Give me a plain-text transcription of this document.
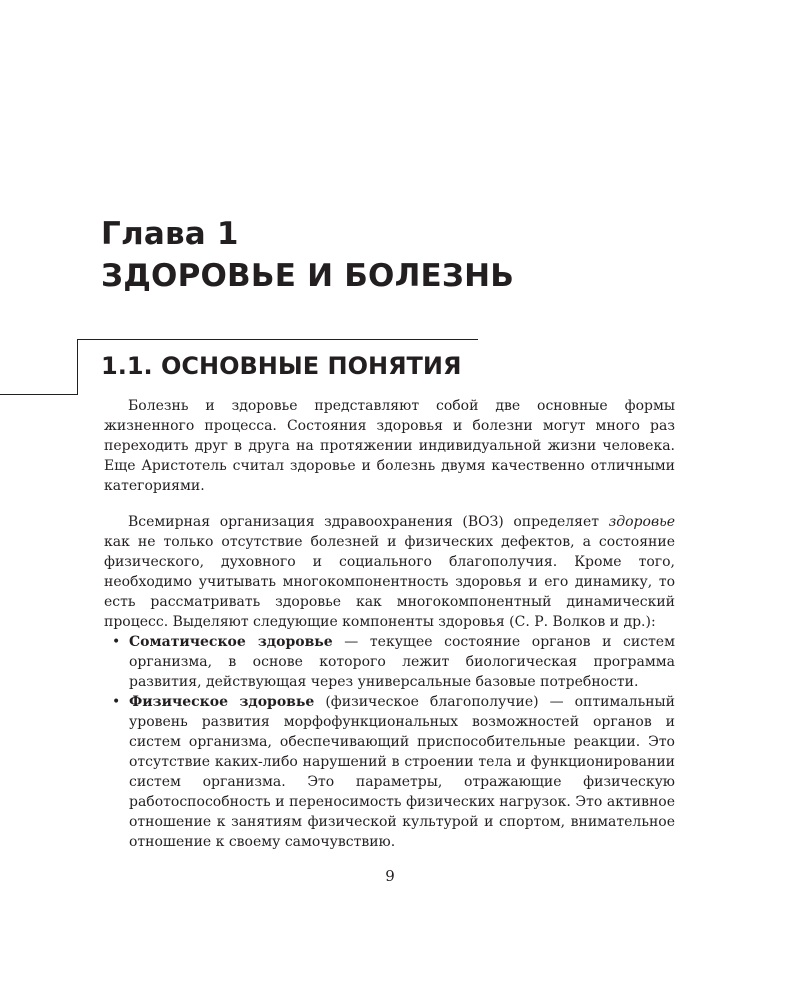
Глава 1
ЗДОРОВЬЕ И БОЛЕЗНЬ
1.1. ОСНОВНЫЕ ПОНЯТИЯ

Болезнь и здоровье представляют собой две основные формы жизненного процесса. Состояния здоровья и болезни могут много раз переходить друг в друга на протяжении индивидуальной жизни человека. Еще Аристотель считал здоровье и болезнь двумя качественно отличными категориями.

Всемирная организация здравоохранения (ВОЗ) определяет здоровье как не только отсутствие болезней и физических дефектов, а состояние физического, духовного и социального благополучия. Кроме того, необходимо учитывать многокомпонентность здоровья и его динамику, то есть рассматривать здоровье как многокомпонентный динамический процесс. Выделяют следующие компоненты здоровья (С. Р. Волков и др.):

• Соматическое здоровье — текущее состояние органов и систем организма, в основе которого лежит биологическая программа развития, действующая через универсальные базовые потребности.
• Физическое здоровье (физическое благополучие) — оптимальный уровень развития морфофункциональных возможностей органов и систем организма, обеспечивающий приспособительные реакции. Это отсутствие каких-либо нарушений в строении тела и функционировании систем организма. Это параметры, отражающие физическую работоспособность и переносимость физических нагрузок. Это активное отношение к занятиям физической культурой и спортом, внимательное отношение к своему самочувствию.
9
